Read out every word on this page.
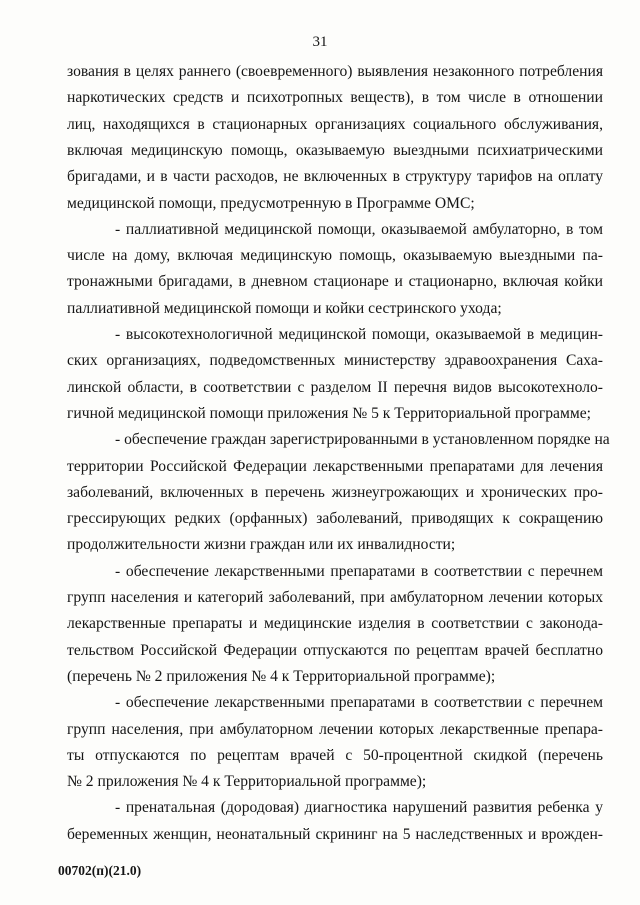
31
зования в целях раннего (своевременного) выявления незаконного потребления
наркотических средств и психотропных веществ), в том числе в отношении
лиц, находящихся в стационарных организациях социального обслуживания,
включая медицинскую помощь, оказываемую выездными психиатрическими
бригадами, и в части расходов, не включенных в структуру тарифов на оплату
медицинской помощи, предусмотренную в Программе ОМС;
- паллиативной медицинской помощи, оказываемой амбулаторно, в том
числе на дому, включая медицинскую помощь, оказываемую выездными па-
тронажными бригадами, в дневном стационаре и стационарно, включая койки
паллиативной медицинской помощи и койки сестринского ухода;
- высокотехнологичной медицинской помощи, оказываемой в медицин-
ских организациях, подведомственных министерству здравоохранения Саха-
линской области, в соответствии с разделом II перечня видов высокотехноло-
гичной медицинской помощи приложения № 5 к Территориальной программе;
- обеспечение граждан зарегистрированными в установленном порядке на
территории Российской Федерации лекарственными препаратами для лечения
заболеваний, включенных в перечень жизнеугрожающих и хронических про-
грессирующих редких (орфанных) заболеваний, приводящих к сокращению
продолжительности жизни граждан или их инвалидности;
- обеспечение лекарственными препаратами в соответствии с перечнем
групп населения и категорий заболеваний, при амбулаторном лечении которых
лекарственные препараты и медицинские изделия в соответствии с законода-
тельством Российской Федерации отпускаются по рецептам врачей бесплатно
(перечень № 2 приложения № 4 к Территориальной программе);
- обеспечение лекарственными препаратами в соответствии с перечнем
групп населения, при амбулаторном лечении которых лекарственные препара-
ты отпускаются по рецептам врачей с 50-процентной скидкой (перечень
№ 2 приложения № 4 к Территориальной программе);
- пренатальная (дородовая) диагностика нарушений развития ребенка у
беременных женщин, неонатальный скрининг на 5 наследственных и врожден-
00702(п)(21.0)
